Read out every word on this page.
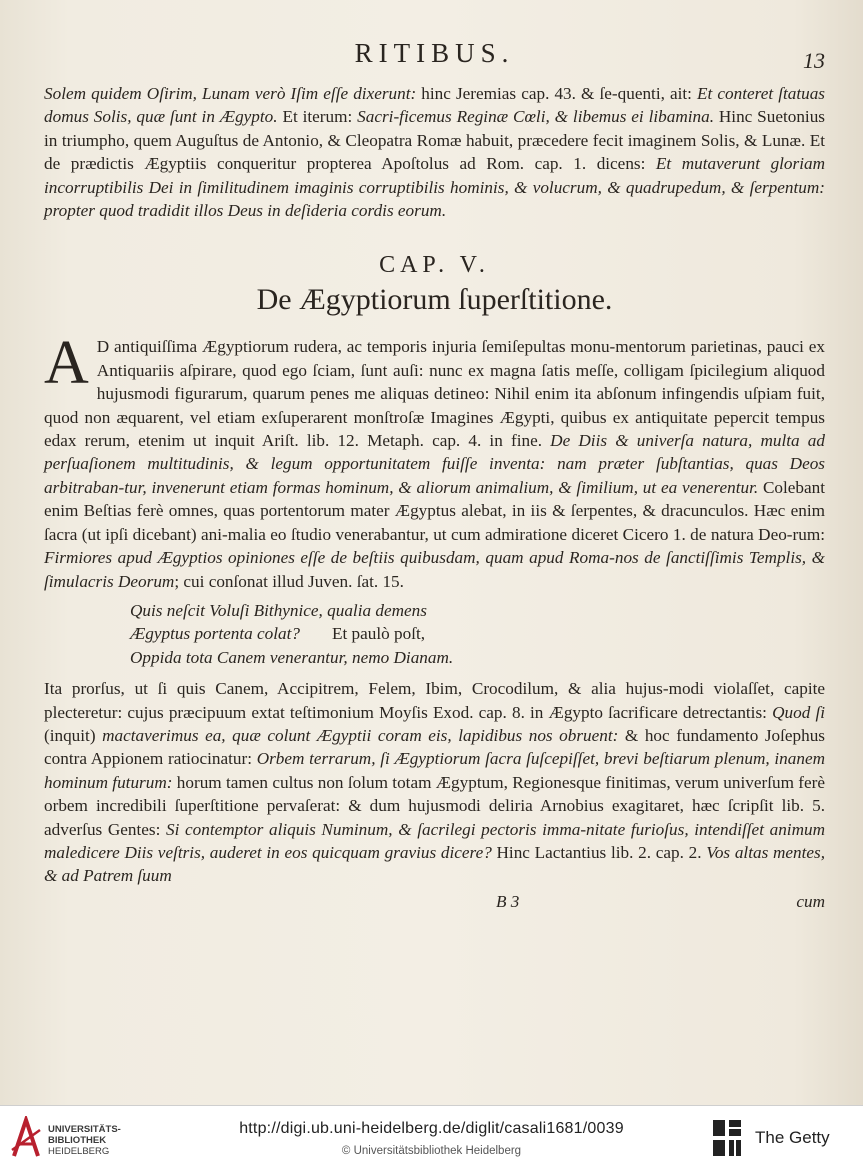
RITIBUS.	13

Solem quidem Oſirim, Lunam verò Iſim eſſe dixerunt: hinc Jeremias cap. 43. & ſe-quenti, ait: Et conteret ſtatuas domus Solis, quæ ſunt in Ægypto. Et iterum: Sacri-ficemus Reginæ Cœli, & libemus ei libamina. Hinc Suetonius in triumpho, quem Auguſtus de Antonio, & Cleopatra Romæ habuit, præcedere fecit imaginem Solis, & Lunæ. Et de prædictis Ægyptiis conqueritur propterea Apoſtolus ad Rom. cap. 1. dicens: Et mutaverunt gloriam incorruptibilis Dei in ſimilitudinem imaginis corruptibilis hominis, & volucrum, & quadrupedum, & ſerpentum: propter quod tradidit illos Deus in deſideria cordis eorum.

CAP. V.
De Ægyptiorum ſuperſtitione.

A D antiquiſſima Ægyptiorum rudera, ac temporis injuria ſemiſepultas monu-mentorum parietinas, pauci ex Antiquariis aſpirare, quod ego ſciam, ſunt auſi: nunc ex magna ſatis meſſe, colligam ſpicilegium aliquod hujusmodi figurarum, quarum penes me aliquas detineo: Nihil enim ita abſonum infingendis uſpiam fuit, quod non æquarent, vel etiam exſuperarent monſtroſæ Imagines Ægypti, quibus ex antiquitate pepercit tempus edax rerum, etenim ut inquit Ariſt. lib. 12. Metaph. cap. 4. in fine. De Diis & univerſa natura, multa ad perſuaſionem multitudinis, & legum opportunitatem fuiſſe inventa: nam præter ſubſtantias, quas Deos arbitraban-tur, invenerunt etiam formas hominum, & aliorum animalium, & ſimilium, ut ea venerentur. Colebant enim Beſtias ferè omnes, quas portentorum mater Ægyptus alebat, in iis & ſerpentes, & dracunculos. Hæc enim ſacra (ut ipſi dicebant) ani-malia eo ſtudio venerabantur, ut cum admiratione diceret Cicero 1. de natura Deo-rum: Firmiores apud Ægyptios opiniones eſſe de beſtiis quibusdam, quam apud Roma-nos de ſanctiſſimis Templis, & ſimulacris Deorum; cui conſonat illud Juven. ſat. 15.

Quis neſcit Voluſi Bithynice, qualia demens
Ægyptus portenta colat? Et paulò poſt,
Oppida tota Canem venerantur, nemo Dianam.

Ita prorſus, ut ſi quis Canem, Accipitrem, Felem, Ibim, Crocodilum, & alia hujus-modi violaſſet, capite plecteretur: cujus præcipuum extat teſtimonium Moyſis Exod. cap. 8. in Ægypto ſacrificare detrectantis: Quod ſi (inquit) mactaverimus ea, quæ colunt Ægyptii coram eis, lapidibus nos obruent: & hoc fundamento Joſephus contra Appionem ratiocinatur: Orbem terrarum, ſi Ægyptiorum ſacra ſuſcepiſſet, brevi beſtiarum plenum, inanem hominum futurum: horum tamen cultus non ſolum totam Ægyptum, Regionesque finitimas, verum univerſum ferè orbem incredibili ſuperſtitione pervaſerat: & dum hujusmodi deliria Arnobius exagitaret, hæc ſcripſit lib. 5. adverſus Gentes: Si contemptor aliquis Numinum, & ſacrilegi pectoris imma-nitate furioſus, intendiſſet animum maledicere Diis veſtris, auderet in eos quicquam gravius dicere? Hinc Lactantius lib. 2. cap. 2. Vos altas mentes, & ad Patrem ſuum

B 3	cum
UNIVERSITÄTS-
BIBLIOTHEK
HEIDELBERG
http://digi.ub.uni-heidelberg.de/diglit/casali1681/0039
© Universitätsbibliothek Heidelberg
The Getty
